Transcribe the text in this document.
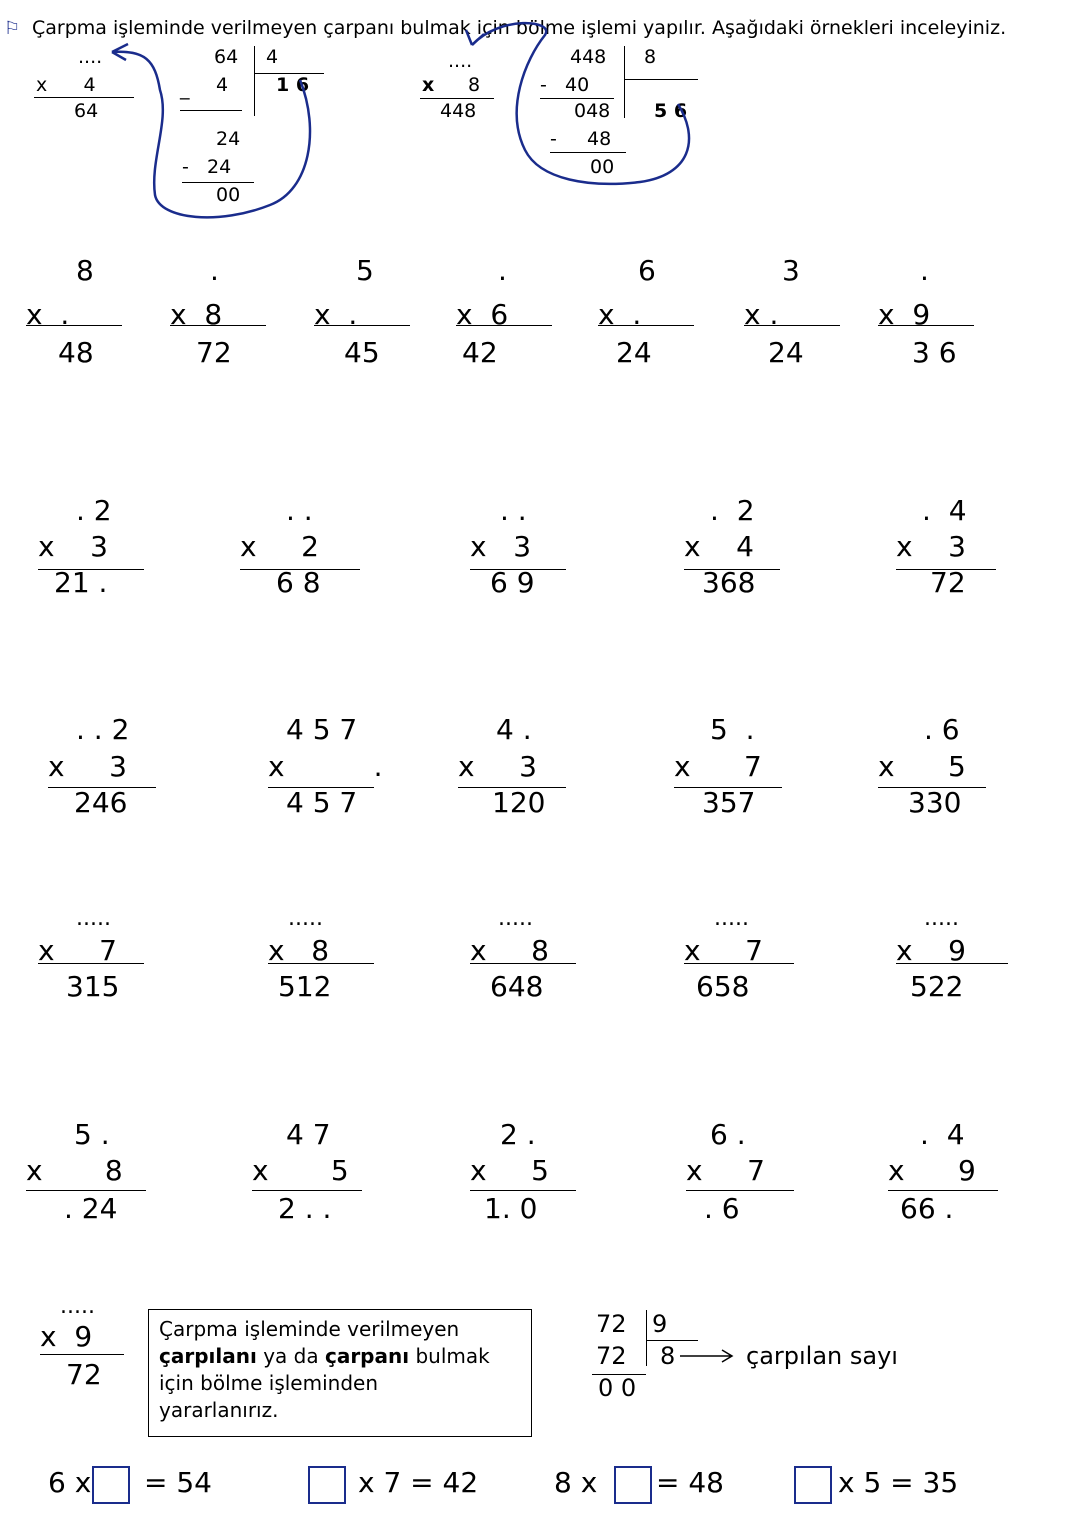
⚐ Çarpma işleminde verilmeyen çarpanı bulmak için bölme işlemi yapılır. Aşağıdaki örnekleri inceleyiniz.
....
x      4
64
64 4
_ 4	1 6
24
-   24
00
....
x 8
448
448 8
-   40
048 5 6
-     48
00
8
x  .
48
.
x  8
72
5
x  .
45
.
x  6
42
6
x  .
24
3
x .
24
.
x  9
3 6
. 2
x    3
21 .
. .
x     2
6 8
. .
x   3
6 9
.  2
x    4
368
.  4
x    3
72
. . 2
x     3
246
4 5 7
x          .
4 5 7
4 .
x     3
120
5  .
x      7
357
. 6
x      5
330
.....
x     7
315
.....
x   8
512
.....
x     8
648
.....
x     7
658
.....
x    9
522
5 .
x       8
. 24
4 7
x       5
2 . .
2 .
x     5
1. 0
6 .
x     7
. 6
.  4
x      9
66 .
.....
x  9
72
Çarpma işleminde verilmeyen
çarpılanı ya da çarpanı bulmak
için bölme işleminden
yararlanırız.
72 9
72 8
0 0
çarpılan sayı
6 x = 54	x 7 = 42	8 x = 48	x 5 = 35
